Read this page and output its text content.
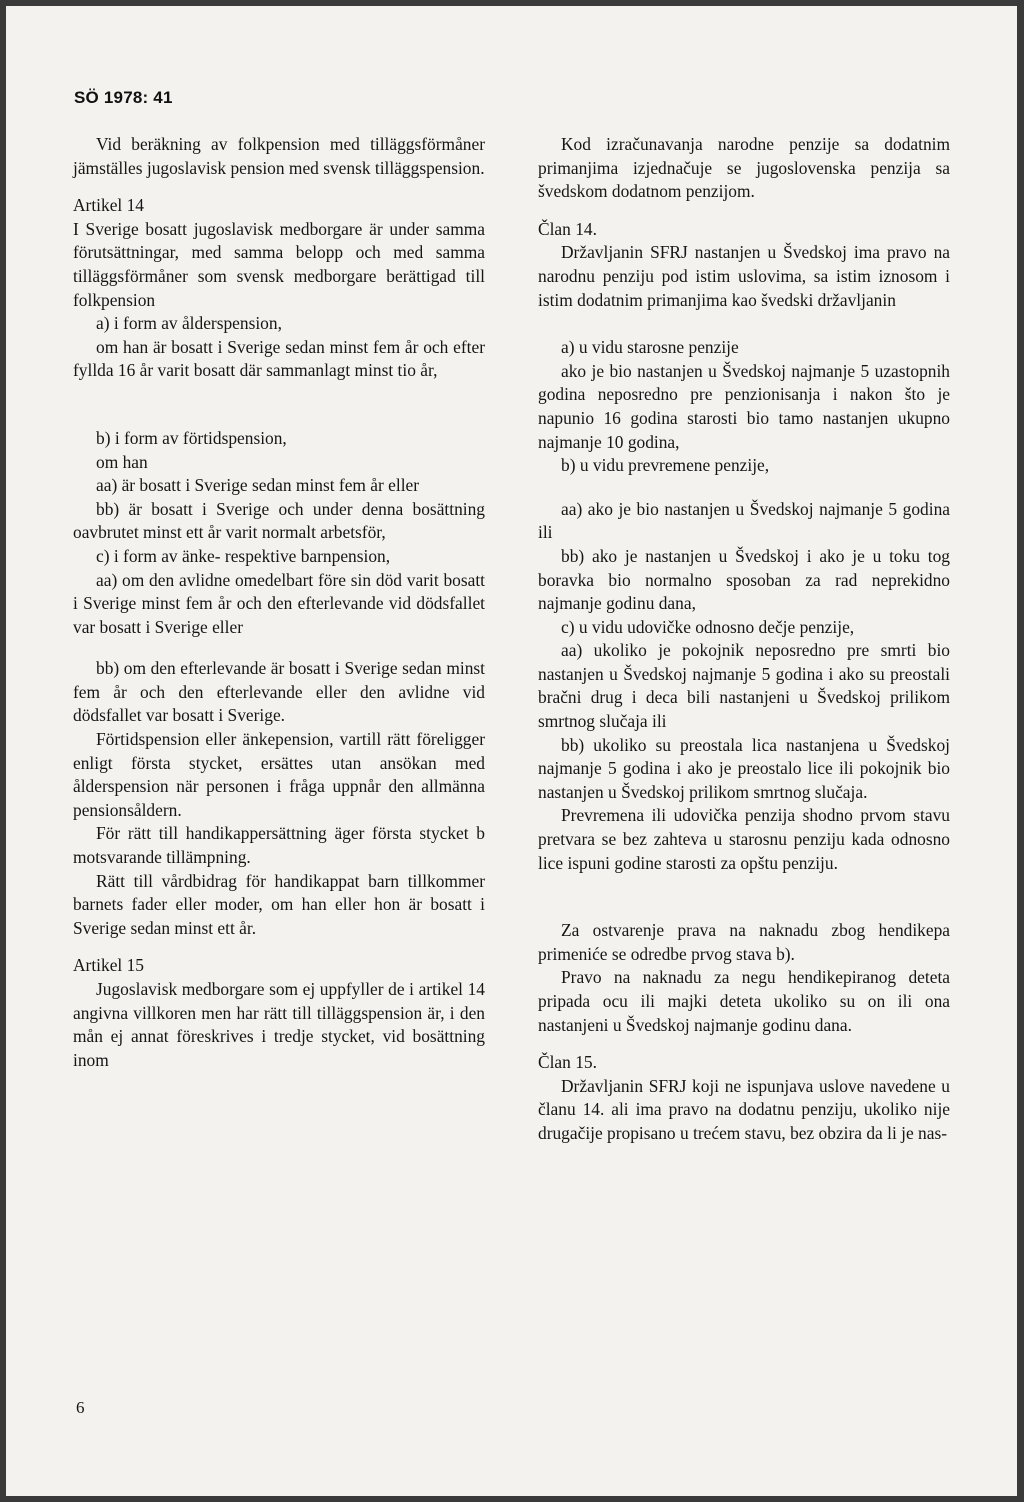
SÖ 1978: 41

Vid beräkning av folkpension med tilläggsförmåner jämställes jugoslavisk pension med svensk tilläggspension.

Artikel 14

I Sverige bosatt jugoslavisk medborgare är under samma förutsättningar, med samma belopp och med samma tilläggsförmåner som svensk medborgare berättigad till folkpension

a) i form av ålderspension,

om han är bosatt i Sverige sedan minst fem år och efter fyllda 16 år varit bosatt där sammanlagt minst tio år,

b) i form av förtidspension,

om han

aa) är bosatt i Sverige sedan minst fem år eller

bb) är bosatt i Sverige och under denna bosättning oavbrutet minst ett år varit normalt arbetsför,

c) i form av änke- respektive barnpension,

aa) om den avlidne omedelbart före sin död varit bosatt i Sverige minst fem år och den efterlevande vid dödsfallet var bosatt i Sverige eller

bb) om den efterlevande är bosatt i Sverige sedan minst fem år och den efterlevande eller den avlidne vid dödsfallet var bosatt i Sverige.

Förtidspension eller änkepension, vartill rätt föreligger enligt första stycket, ersättes utan ansökan med ålderspension när personen i fråga uppnår den allmänna pensionsåldern.

För rätt till handikappersättning äger första stycket b motsvarande tillämpning.

Rätt till vårdbidrag för handikappat barn tillkommer barnets fader eller moder, om han eller hon är bosatt i Sverige sedan minst ett år.

Artikel 15

Jugoslavisk medborgare som ej uppfyller de i artikel 14 angivna villkoren men har rätt till tilläggspension är, i den mån ej annat föreskrives i tredje stycket, vid bosättning inom

Kod izračunavanja narodne penzije sa dodatnim primanjima izjednačuje se jugoslovenska penzija sa švedskom dodatnom penzijom.

Član 14.

Državljanin SFRJ nastanjen u Švedskoj ima pravo na narodnu penziju pod istim uslovima, sa istim iznosom i istim dodatnim primanjima kao švedski državljanin

a) u vidu starosne penzije

ako je bio nastanjen u Švedskoj najmanje 5 uzastopnih godina neposredno pre penzionisanja i nakon što je napunio 16 godina starosti bio tamo nastanjen ukupno najmanje 10 godina,

b) u vidu prevremene penzije,

aa) ako je bio nastanjen u Švedskoj najmanje 5 godina ili

bb) ako je nastanjen u Švedskoj i ako je u toku tog boravka bio normalno sposoban za rad neprekidno najmanje godinu dana,

c) u vidu udovičke odnosno dečje penzije,

aa) ukoliko je pokojnik neposredno pre smrti bio nastanjen u Švedskoj najmanje 5 godina i ako su preostali bračni drug i deca bili nastanjeni u Švedskoj prilikom smrtnog slučaja ili

bb) ukoliko su preostala lica nastanjena u Švedskoj najmanje 5 godina i ako je preostalo lice ili pokojnik bio nastanjen u Švedskoj prilikom smrtnog slučaja.

Prevremena ili udovička penzija shodno prvom stavu pretvara se bez zahteva u starosnu penziju kada odnosno lice ispuni godine starosti za opštu penziju.

Za ostvarenje prava na naknadu zbog hendikepa primeniće se odredbe prvog stava b).

Pravo na naknadu za negu hendikepiranog deteta pripada ocu ili majki deteta ukoliko su on ili ona nastanjeni u Švedskoj najmanje godinu dana.

Član 15.

Državljanin SFRJ koji ne ispunjava uslove navedene u članu 14. ali ima pravo na dodatnu penziju, ukoliko nije drugačije propisano u trećem stavu, bez obzira da li je nas-

6
